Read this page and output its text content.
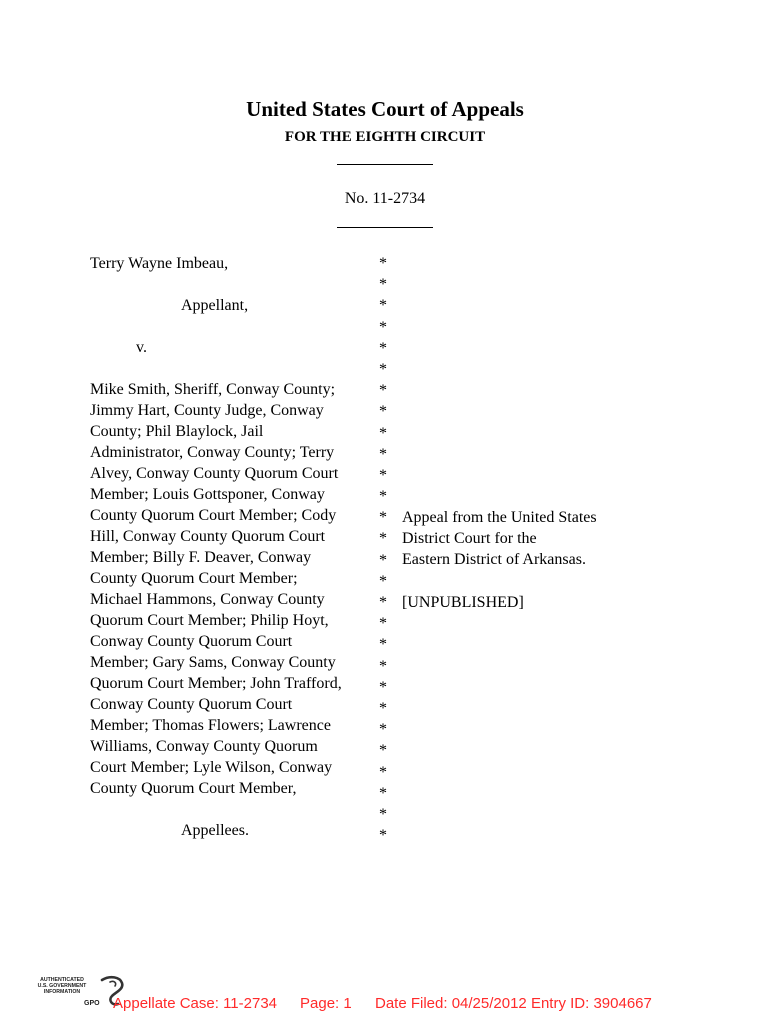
United States Court of Appeals
FOR THE EIGHTH CIRCUIT
No. 11-2734
Terry Wayne Imbeau,
Appellant,
v.
Mike Smith, Sheriff, Conway County;
Jimmy Hart, County Judge, Conway
County; Phil Blaylock, Jail
Administrator, Conway County; Terry
Alvey, Conway County Quorum Court
Member; Louis Gottsponer, Conway
County Quorum Court Member; Cody
Hill, Conway County Quorum Court
Member; Billy F. Deaver, Conway
County Quorum Court Member;
Michael Hammons, Conway County
Quorum Court Member; Philip Hoyt,
Conway County Quorum Court
Member; Gary Sams, Conway County
Quorum Court Member; John Trafford,
Conway County Quorum Court
Member; Thomas Flowers; Lawrence
Williams, Conway County Quorum
Court Member; Lyle Wilson, Conway
County Quorum Court Member,
Appellees.
*
*
*
*
*
*
*
*
*
*
*
*
*
*
*
*
*
*
*
*
*
*
*
*
*
*
*
*
Appeal from the United States
District Court for the
Eastern District of Arkansas.
[UNPUBLISHED]
AUTHENTICATED
U.S. GOVERNMENT
INFORMATION
GPO Appellate Case: 11-2734 Page: 1 Date Filed: 04/25/2012 Entry ID: 3904667
